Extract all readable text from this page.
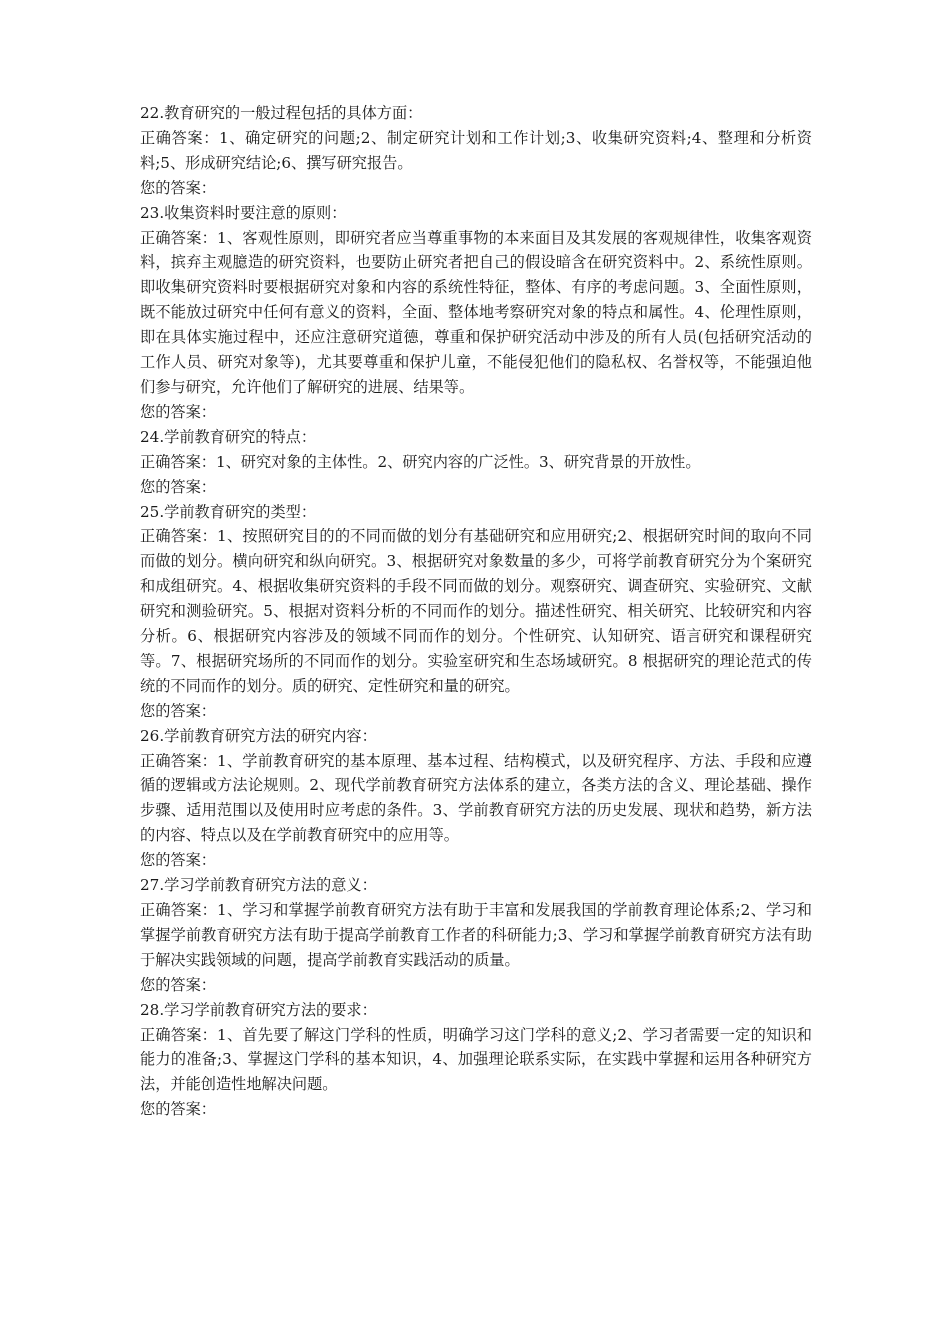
22.教育研究的一般过程包括的具体方面：

正确答案：1、确定研究的问题;2、制定研究计划和工作计划;3、收集研究资料;4、整理和分析资料;5、形成研究结论;6、撰写研究报告。

您的答案：

23.收集资料时要注意的原则：

正确答案：1、客观性原则，即研究者应当尊重事物的本来面目及其发展的客观规律性，收集客观资料，摈弃主观臆造的研究资料，也要防止研究者把自己的假设暗含在研究资料中。2、系统性原则。即收集研究资料时要根据研究对象和内容的系统性特征，整体、有序的考虑问题。3、全面性原则，既不能放过研究中任何有意义的资料，全面、整体地考察研究对象的特点和属性。4、伦理性原则，即在具体实施过程中，还应注意研究道德，尊重和保护研究活动中涉及的所有人员(包括研究活动的工作人员、研究对象等)，尤其要尊重和保护儿童，不能侵犯他们的隐私权、名誉权等，不能强迫他们参与研究，允许他们了解研究的进展、结果等。

您的答案：

24.学前教育研究的特点：

正确答案：1、研究对象的主体性。2、研究内容的广泛性。3、研究背景的开放性。

您的答案：

25.学前教育研究的类型：

正确答案：1、按照研究目的的不同而做的划分有基础研究和应用研究;2、根据研究时间的取向不同而做的划分。横向研究和纵向研究。3、根据研究对象数量的多少，可将学前教育研究分为个案研究和成组研究。4、根据收集研究资料的手段不同而做的划分。观察研究、调查研究、实验研究、文献研究和测验研究。5、根据对资料分析的不同而作的划分。描述性研究、相关研究、比较研究和内容分析。6、根据研究内容涉及的领域不同而作的划分。个性研究、认知研究、语言研究和课程研究等。7、根据研究场所的不同而作的划分。实验室研究和生态场域研究。8 根据研究的理论范式的传统的不同而作的划分。质的研究、定性研究和量的研究。

您的答案：

26.学前教育研究方法的研究内容：

正确答案：1、学前教育研究的基本原理、基本过程、结构模式，以及研究程序、方法、手段和应遵循的逻辑或方法论规则。2、现代学前教育研究方法体系的建立，各类方法的含义、理论基础、操作步骤、适用范围以及使用时应考虑的条件。3、学前教育研究方法的历史发展、现状和趋势，新方法的内容、特点以及在学前教育研究中的应用等。

您的答案：

27.学习学前教育研究方法的意义：

正确答案：1、学习和掌握学前教育研究方法有助于丰富和发展我国的学前教育理论体系;2、学习和掌握学前教育研究方法有助于提高学前教育工作者的科研能力;3、学习和掌握学前教育研究方法有助于解决实践领域的问题，提高学前教育实践活动的质量。

您的答案：

28.学习学前教育研究方法的要求：

正确答案：1、首先要了解这门学科的性质，明确学习这门学科的意义;2、学习者需要一定的知识和能力的准备;3、掌握这门学科的基本知识，4、加强理论联系实际，在实践中掌握和运用各种研究方法，并能创造性地解决问题。

您的答案：
